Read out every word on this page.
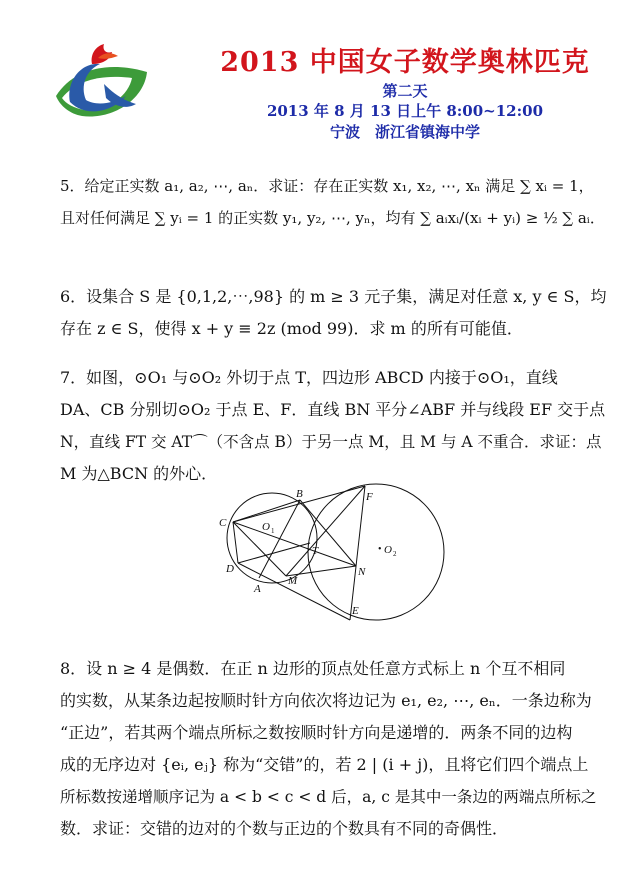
2013 中国女子数学奥林匹克
第二天
2013 年 8 月 13 日上午 8:00~12:00
宁波　浙江省镇海中学
5．给定正实数 a₁, a₂, ⋯, aₙ．求证：存在正实数 x₁, x₂, ⋯, xₙ 满足 ∑ xᵢ = 1，
且对任何满足 ∑ yᵢ = 1 的正实数 y₁, y₂, ⋯, yₙ，均有 ∑ aᵢxᵢ/(xᵢ + yᵢ) ≥ ½ ∑ aᵢ．
6．设集合 S 是 {0,1,2,⋯,98} 的 m ≥ 3 元子集，满足对任意 x, y ∈ S，均
存在 z ∈ S，使得 x + y ≡ 2z (mod 99)．求 m 的所有可能值．
7．如图，⊙O₁ 与⊙O₂ 外切于点 T，四边形 ABCD 内接于⊙O₁，直线
DA、CB 分别切⊙O₂ 于点 E、F．直线 BN 平分∠ABF 并与线段 EF 交于点
N，直线 FT 交 AT⌒（不含点 B）于另一点 M，且 M 与 A 不重合．求证：点
M 为△BCN 的外心．
B
C
D
A
T
M
N
F
E
O 1
• O 2
8．设 n ≥ 4 是偶数．在正 n 边形的顶点处任意方式标上 n 个互不相同
的实数，从某条边起按顺时针方向依次将边记为 e₁, e₂, ⋯, eₙ．一条边称为
“正边”，若其两个端点所标之数按顺时针方向是递增的．两条不同的边构
成的无序边对 {eᵢ, eⱼ} 称为“交错”的，若 2 | (i + j)，且将它们四个端点上
所标数按递增顺序记为 a < b < c < d 后，a, c 是其中一条边的两端点所标之
数．求证：交错的边对的个数与正边的个数具有不同的奇偶性．
